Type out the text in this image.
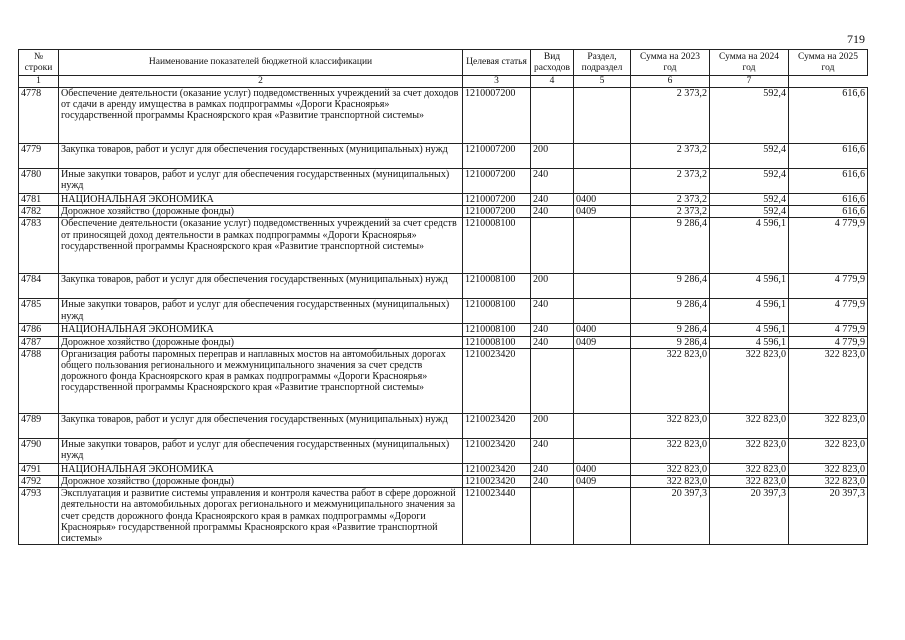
719
№ строки	Наименование показателей бюджетной классификации	Целевая статья	Вид расходов	Раздел, подраздел	Сумма на 2023 год	Сумма на 2024 год	Сумма на 2025 год
1	2	3	4	5	6	7	
4778	Обеспечение деятельности (оказание услуг) подведомственных учреждений за счет доходов от сдачи в аренду имущества в рамках подпрограммы «Дороги Красноярья» государственной программы Красноярского края «Развитие транспортной системы»	1210007200			2 373,2	592,4	616,6
4779	Закупка товаров, работ и услуг для обеспечения государственных (муниципальных) нужд	1210007200	200		2 373,2	592,4	616,6
4780	Иные закупки товаров, работ и услуг для обеспечения государственных (муниципальных) нужд	1210007200	240		2 373,2	592,4	616,6
4781	НАЦИОНАЛЬНАЯ ЭКОНОМИКА	1210007200	240	0400	2 373,2	592,4	616,6
4782	Дорожное хозяйство (дорожные фонды)	1210007200	240	0409	2 373,2	592,4	616,6
4783	Обеспечение деятельности (оказание услуг) подведомственных учреждений за счет средств от приносящей доход деятельности в рамках подпрограммы «Дороги Красноярья» государственной программы Красноярского края «Развитие транспортной системы»	1210008100			9 286,4	4 596,1	4 779,9
4784	Закупка товаров, работ и услуг для обеспечения государственных (муниципальных) нужд	1210008100	200		9 286,4	4 596,1	4 779,9
4785	Иные закупки товаров, работ и услуг для обеспечения государственных (муниципальных) нужд	1210008100	240		9 286,4	4 596,1	4 779,9
4786	НАЦИОНАЛЬНАЯ ЭКОНОМИКА	1210008100	240	0400	9 286,4	4 596,1	4 779,9
4787	Дорожное хозяйство (дорожные фонды)	1210008100	240	0409	9 286,4	4 596,1	4 779,9
4788	Организация работы паромных переправ и наплавных мостов на автомобильных дорогах общего пользования регионального и межмуниципального значения за счет средств дорожного фонда Красноярского края в рамках подпрограммы «Дороги Красноярья» государственной программы Красноярского края «Развитие транспортной системы»	1210023420			322 823,0	322 823,0	322 823,0
4789	Закупка товаров, работ и услуг для обеспечения государственных (муниципальных) нужд	1210023420	200		322 823,0	322 823,0	322 823,0
4790	Иные закупки товаров, работ и услуг для обеспечения государственных (муниципальных) нужд	1210023420	240		322 823,0	322 823,0	322 823,0
4791	НАЦИОНАЛЬНАЯ ЭКОНОМИКА	1210023420	240	0400	322 823,0	322 823,0	322 823,0
4792	Дорожное хозяйство (дорожные фонды)	1210023420	240	0409	322 823,0	322 823,0	322 823,0
4793	Эксплуатация и развитие системы управления и контроля качества работ в сфере дорожной деятельности на автомобильных дорогах регионального и межмуниципального значения за счет средств дорожного фонда Красноярского края в рамках подпрограммы «Дороги Красноярья» государственной программы Красноярского края «Развитие транспортной системы»	1210023440			20 397,3	20 397,3	20 397,3
